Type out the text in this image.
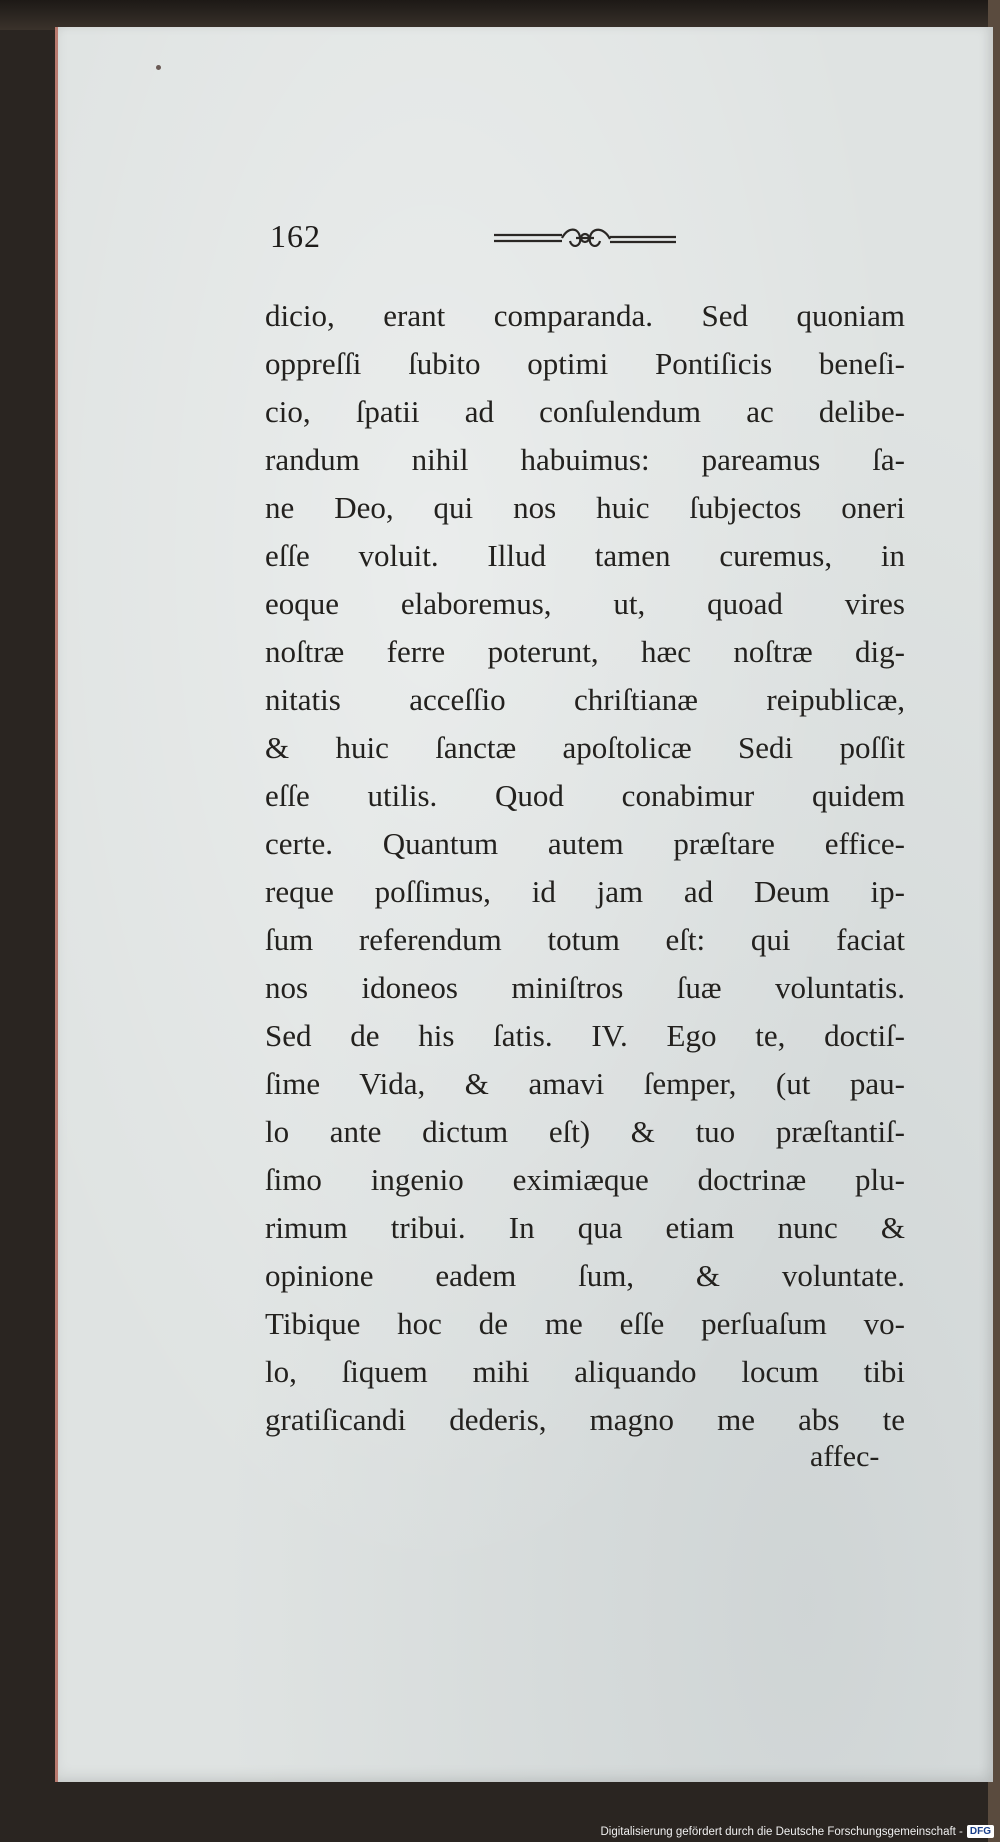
162
dicio, erant comparanda. Sed quoniam
oppreſſi ſubito optimi Pontiſicis beneſi-
cio, ſpatii ad conſulendum ac delibe-
randum nihil habuimus: pareamus ſa-
ne Deo, qui nos huic ſubjectos oneri
eſſe voluit. Illud tamen curemus, in
eoque elaboremus, ut, quoad vires
noſtræ ferre poterunt, hæc noſtræ dig-
nitatis acceſſio chriſtianæ reipublicæ,
& huic ſanctæ apoſtolicæ Sedi poſſit
eſſe utilis. Quod conabimur quidem
certe. Quantum autem præſtare effice-
reque poſſimus, id jam ad Deum ip-
ſum referendum totum eſt: qui faciat
nos idoneos miniſtros ſuæ voluntatis.
Sed de his ſatis. IV. Ego te, doctiſ-
ſime Vida, & amavi ſemper, (ut pau-
lo ante dictum eſt) & tuo præſtantiſ-
ſimo ingenio eximiæque doctrinæ plu-
rimum tribui. In qua etiam nunc &
opinione eadem ſum, & voluntate.
Tibique hoc de me eſſe perſuaſum vo-
lo, ſiquem mihi aliquando locum tibi
gratiſicandi dederis, magno me abs te
affec-
Digitalisierung gefördert durch die Deutsche Forschungsgemeinschaft - DFG
